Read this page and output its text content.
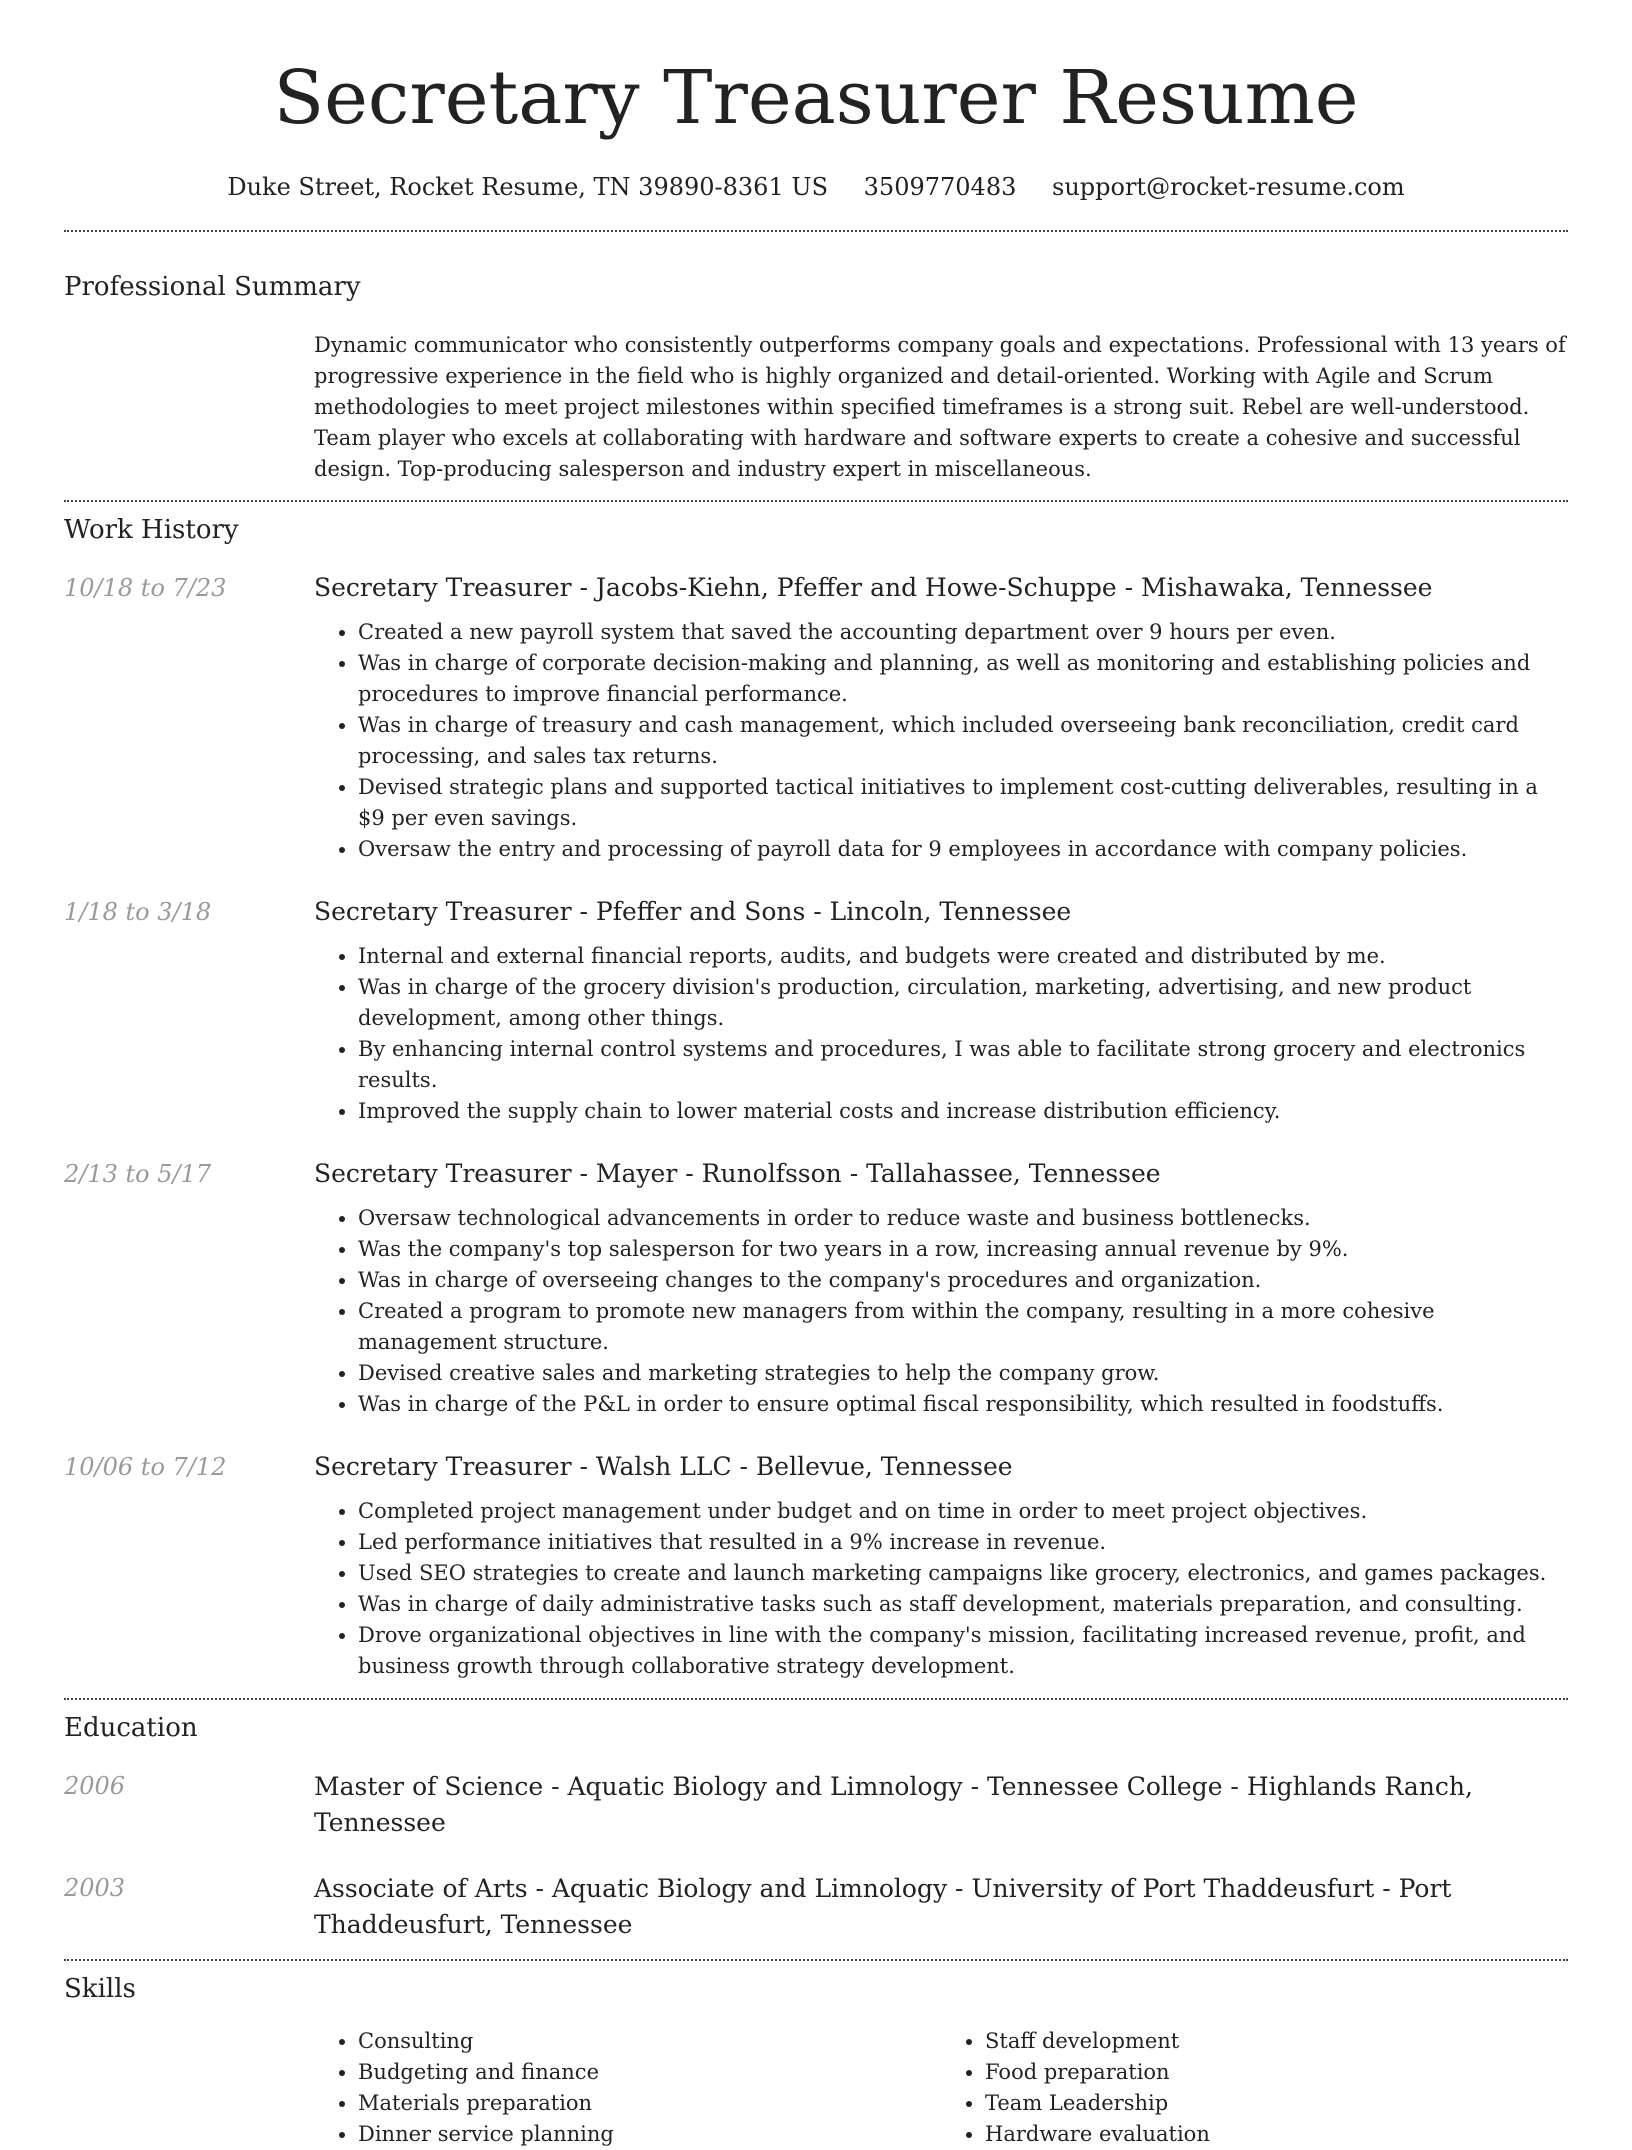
Secretary Treasurer Resume
Duke Street, Rocket Resume, TN 39890-8361 US 3509770483 support@rocket-resume.com
Professional Summary
Dynamic communicator who consistently outperforms company goals and expectations. Professional with 13 years of progressive experience in the field who is highly organized and detail-oriented. Working with Agile and Scrum methodologies to meet project milestones within specified timeframes is a strong suit. Rebel are well-understood. Team player who excels at collaborating with hardware and software experts to create a cohesive and successful design. Top-producing salesperson and industry expert in miscellaneous.
Work History
10/18 to 7/23	Secretary Treasurer - Jacobs-Kiehn, Pfeffer and Howe-Schuppe - Mishawaka, Tennessee
• Created a new payroll system that saved the accounting department over 9 hours per even.
• Was in charge of corporate decision-making and planning, as well as monitoring and establishing policies and procedures to improve financial performance.
• Was in charge of treasury and cash management, which included overseeing bank reconciliation, credit card processing, and sales tax returns.
• Devised strategic plans and supported tactical initiatives to implement cost-cutting deliverables, resulting in a $9 per even savings.
• Oversaw the entry and processing of payroll data for 9 employees in accordance with company policies.
1/18 to 3/18	Secretary Treasurer - Pfeffer and Sons - Lincoln, Tennessee
• Internal and external financial reports, audits, and budgets were created and distributed by me.
• Was in charge of the grocery division's production, circulation, marketing, advertising, and new product development, among other things.
• By enhancing internal control systems and procedures, I was able to facilitate strong grocery and electronics results.
• Improved the supply chain to lower material costs and increase distribution efficiency.
2/13 to 5/17	Secretary Treasurer - Mayer - Runolfsson - Tallahassee, Tennessee
• Oversaw technological advancements in order to reduce waste and business bottlenecks.
• Was the company's top salesperson for two years in a row, increasing annual revenue by 9%.
• Was in charge of overseeing changes to the company's procedures and organization.
• Created a program to promote new managers from within the company, resulting in a more cohesive management structure.
• Devised creative sales and marketing strategies to help the company grow.
• Was in charge of the P&L in order to ensure optimal fiscal responsibility, which resulted in foodstuffs.
10/06 to 7/12	Secretary Treasurer - Walsh LLC - Bellevue, Tennessee
• Completed project management under budget and on time in order to meet project objectives.
• Led performance initiatives that resulted in a 9% increase in revenue.
• Used SEO strategies to create and launch marketing campaigns like grocery, electronics, and games packages.
• Was in charge of daily administrative tasks such as staff development, materials preparation, and consulting.
• Drove organizational objectives in line with the company's mission, facilitating increased revenue, profit, and business growth through collaborative strategy development.
Education
2006	Master of Science - Aquatic Biology and Limnology - Tennessee College - Highlands Ranch, Tennessee
2003	Associate of Arts - Aquatic Biology and Limnology - University of Port Thaddeusfurt - Port Thaddeusfurt, Tennessee
Skills
• Consulting
• Budgeting and finance
• Materials preparation
• Dinner service planning
• Staff development
• Food preparation
• Team Leadership
• Hardware evaluation
